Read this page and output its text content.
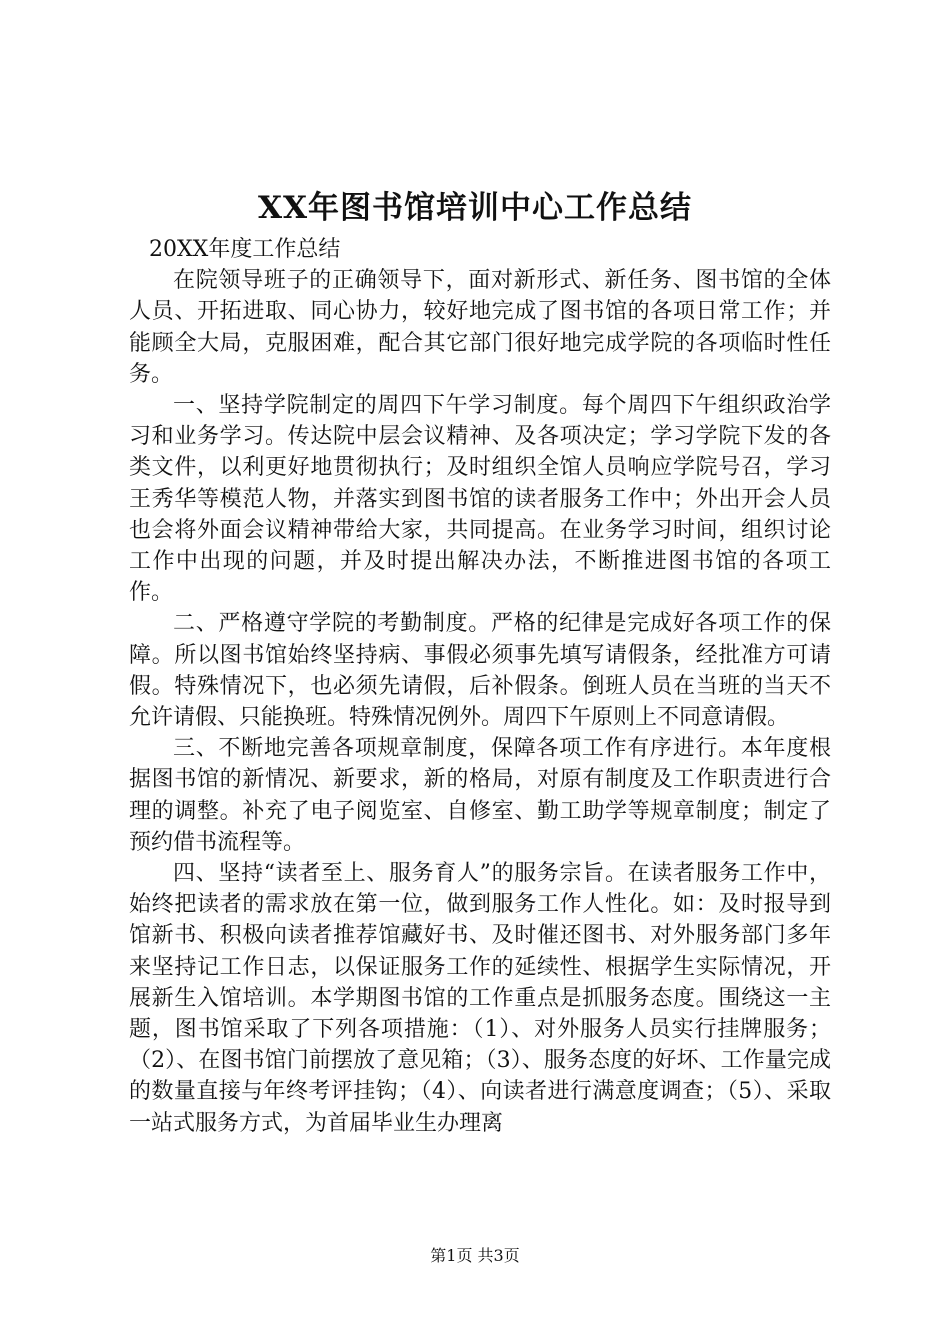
XX年图书馆培训中心工作总结

20XX年度工作总结

在院领导班子的正确领导下，面对新形式、新任务、图书馆的全体人员、开拓进取、同心协力，较好地完成了图书馆的各项日常工作；并能顾全大局，克服困难，配合其它部门很好地完成学院的各项临时性任务。

一、坚持学院制定的周四下午学习制度。每个周四下午组织政治学习和业务学习。传达院中层会议精神、及各项决定；学习学院下发的各类文件，以利更好地贯彻执行；及时组织全馆人员响应学院号召，学习王秀华等模范人物，并落实到图书馆的读者服务工作中；外出开会人员也会将外面会议精神带给大家，共同提高。在业务学习时间，组织讨论工作中出现的问题，并及时提出解决办法，不断推进图书馆的各项工作。

二、严格遵守学院的考勤制度。严格的纪律是完成好各项工作的保障。所以图书馆始终坚持病、事假必须事先填写请假条，经批准方可请假。特殊情况下，也必须先请假，后补假条。倒班人员在当班的当天不允许请假、只能换班。特殊情况例外。周四下午原则上不同意请假。

三、不断地完善各项规章制度，保障各项工作有序进行。本年度根据图书馆的新情况、新要求，新的格局，对原有制度及工作职责进行合理的调整。补充了电子阅览室、自修室、勤工助学等规章制度；制定了预约借书流程等。

四、坚持“读者至上、服务育人”的服务宗旨。在读者服务工作中，始终把读者的需求放在第一位，做到服务工作人性化。如：及时报导到馆新书、积极向读者推荐馆藏好书、及时催还图书、对外服务部门多年来坚持记工作日志，以保证服务工作的延续性、根据学生实际情况，开展新生入馆培训。本学期图书馆的工作重点是抓服务态度。围绕这一主题，图书馆采取了下列各项措施：（1）、对外服务人员实行挂牌服务；（2）、在图书馆门前摆放了意见箱；（3）、服务态度的好坏、工作量完成的数量直接与年终考评挂钩；（4）、向读者进行满意度调查；（5）、采取一站式服务方式，为首届毕业生办理离

第1页 共3页
